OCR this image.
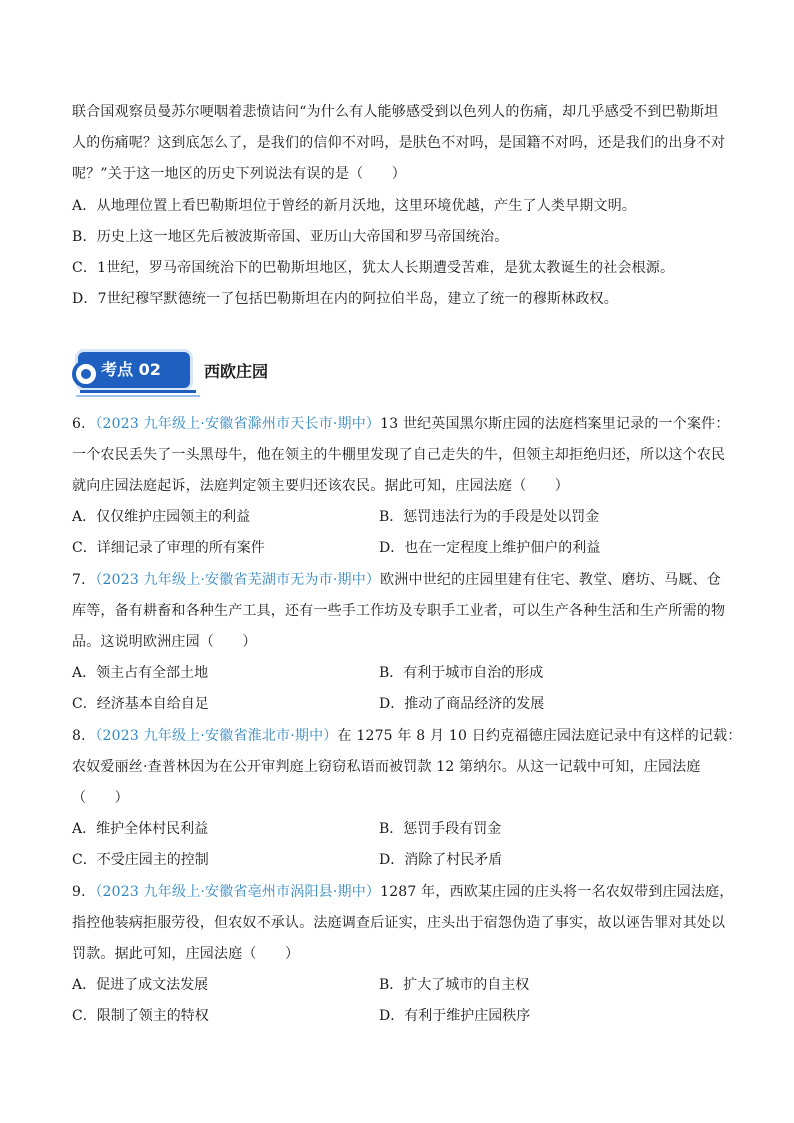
联合国观察员曼苏尔哽咽着悲愤诘问“为什么有人能够感受到以色列人的伤痛，却几乎感受不到巴勒斯坦
人的伤痛呢？这到底怎么了，是我们的信仰不对吗，是肤色不对吗，是国籍不对吗，还是我们的出身不对
呢？”关于这一地区的历史下列说法有误的是（　　）
A．从地理位置上看巴勒斯坦位于曾经的新月沃地，这里环境优越，产生了人类早期文明。
B．历史上这一地区先后被波斯帝国、亚历山大帝国和罗马帝国统治。
C．1世纪，罗马帝国统治下的巴勒斯坦地区，犹太人长期遭受苦难，是犹太教诞生的社会根源。
D．7世纪穆罕默德统一了包括巴勒斯坦在内的阿拉伯半岛，建立了统一的穆斯林政权。
考点 02	西欧庄园
6．（2023 九年级上·安徽省滁州市天长市·期中）13 世纪英国黑尔斯庄园的法庭档案里记录的一个案件：
一个农民丢失了一头黑母牛，他在领主的牛棚里发现了自己走失的牛，但领主却拒绝归还，所以这个农民
就向庄园法庭起诉，法庭判定领主要归还该农民。据此可知，庄园法庭（　　）
A．仅仅维护庄园领主的利益	B．惩罚违法行为的手段是处以罚金
C．详细记录了审理的所有案件	D．也在一定程度上维护佃户的利益
7．（2023 九年级上·安徽省芜湖市无为市·期中）欧洲中世纪的庄园里建有住宅、教堂、磨坊、马厩、仓
库等，备有耕畜和各种生产工具，还有一些手工作坊及专职手工业者，可以生产各种生活和生产所需的物
品。这说明欧洲庄园（　　）
A．领主占有全部土地	B．有利于城市自治的形成
C．经济基本自给自足	D．推动了商品经济的发展
8．（2023 九年级上·安徽省淮北市·期中）在 1275 年 8 月 10 日约克福德庄园法庭记录中有这样的记载：
农奴爱丽丝·查普林因为在公开审判庭上窃窃私语而被罚款 12 第纳尔。从这一记载中可知，庄园法庭
（　　）
A．维护全体村民利益	B．惩罚手段有罚金
C．不受庄园主的控制	D．消除了村民矛盾
9．（2023 九年级上·安徽省亳州市涡阳县·期中）1287 年，西欧某庄园的庄头将一名农奴带到庄园法庭，
指控他装病拒服劳役，但农奴不承认。法庭调查后证实，庄头出于宿怨伪造了事实，故以诬告罪对其处以
罚款。据此可知，庄园法庭（　　）
A．促进了成文法发展	B．扩大了城市的自主权
C．限制了领主的特权	D．有利于维护庄园秩序
